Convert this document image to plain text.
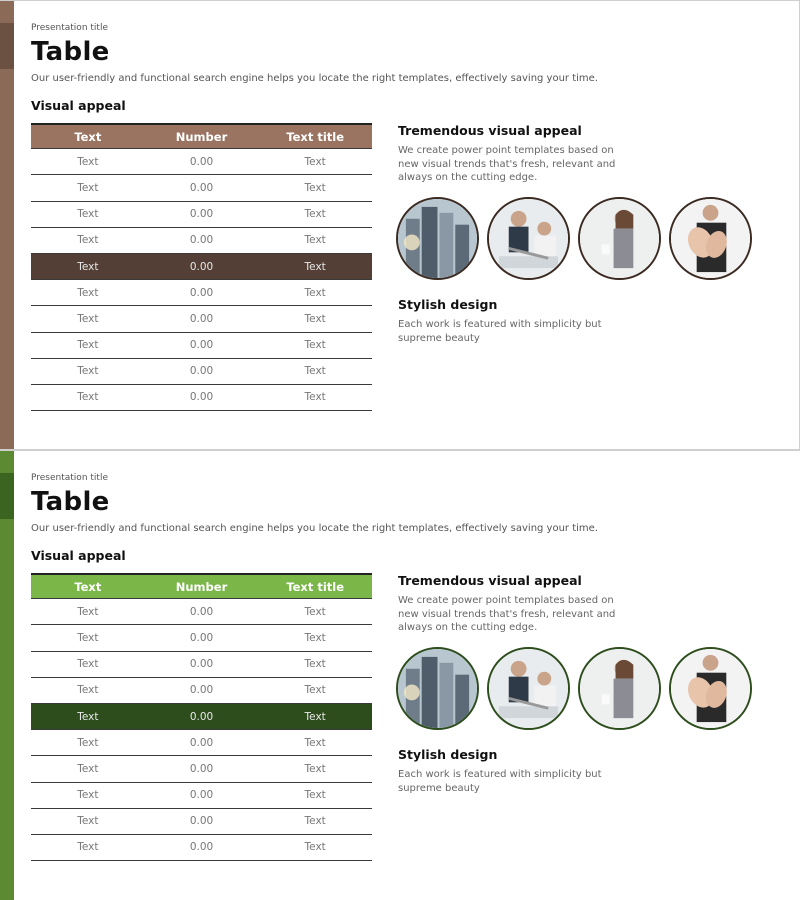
Presentation title
Table
Our user-friendly and functional search engine helps you locate the right templates, effectively saving your time.
Visual appeal
Text	Number	Text title
Text	0.00	Text
Text	0.00	Text
Text	0.00	Text
Text	0.00	Text
Text	0.00	Text
Text	0.00	Text
Text	0.00	Text
Text	0.00	Text
Text	0.00	Text
Text	0.00	Text
Tremendous visual appeal
We create power point templates based on new visual trends that's fresh, relevant and always on the cutting edge.
Stylish design
Each work is featured with simplicity but supreme beauty
Presentation title
Table
Our user-friendly and functional search engine helps you locate the right templates, effectively saving your time.
Visual appeal
Text	Number	Text title
Text	0.00	Text
Text	0.00	Text
Text	0.00	Text
Text	0.00	Text
Text	0.00	Text
Text	0.00	Text
Text	0.00	Text
Text	0.00	Text
Text	0.00	Text
Text	0.00	Text
Tremendous visual appeal
We create power point templates based on new visual trends that's fresh, relevant and always on the cutting edge.
Stylish design
Each work is featured with simplicity but supreme beauty
